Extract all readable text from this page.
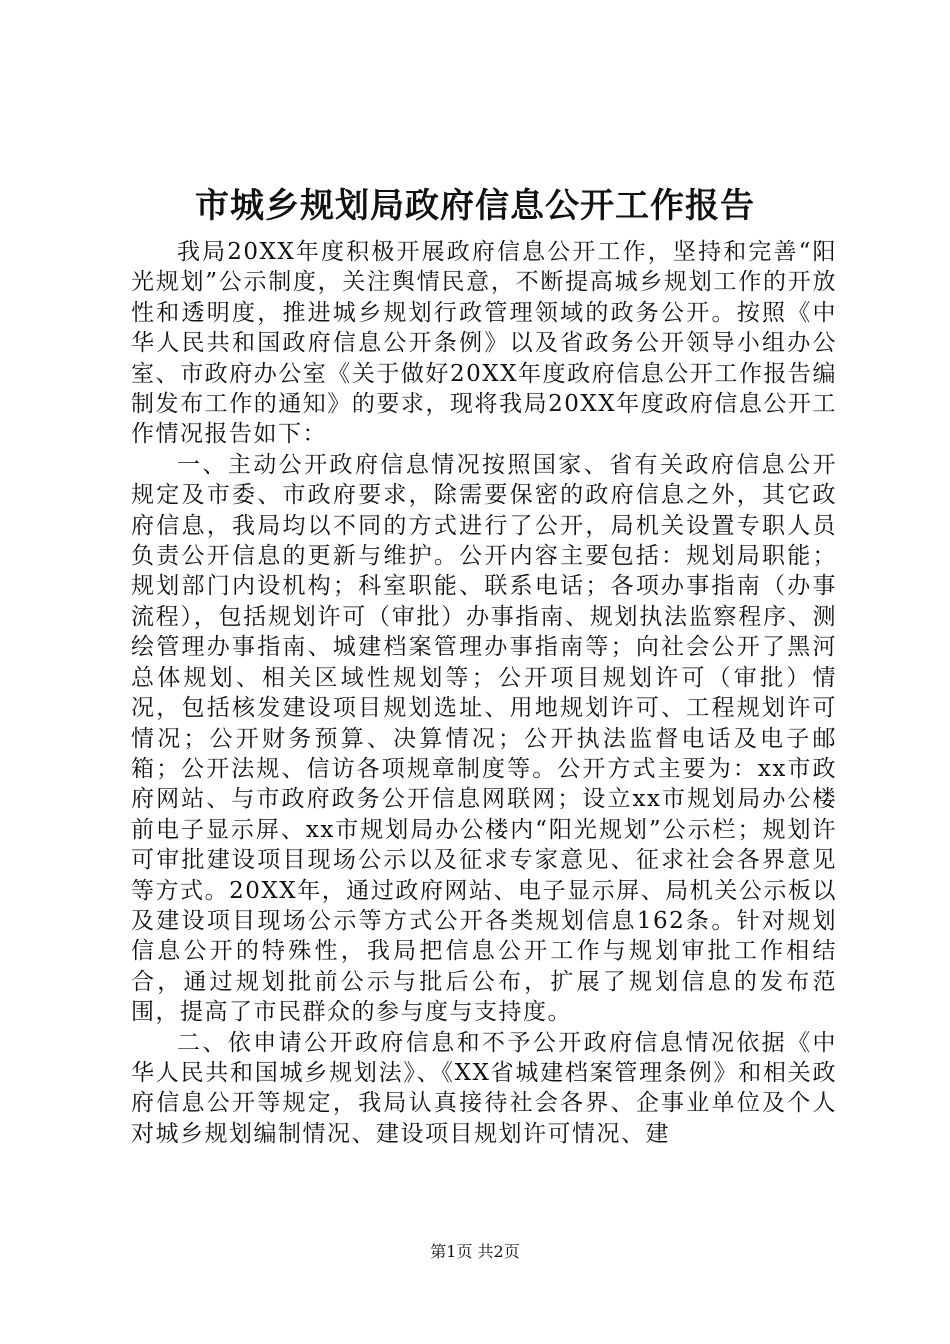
市城乡规划局政府信息公开工作报告

我局20XX年度积极开展政府信息公开工作，坚持和完善“阳光规划”公示制度，关注舆情民意，不断提高城乡规划工作的开放性和透明度，推进城乡规划行政管理领域的政务公开。按照《中华人民共和国政府信息公开条例》以及省政务公开领导小组办公室、市政府办公室《关于做好20XX年度政府信息公开工作报告编制发布工作的通知》的要求，现将我局20XX年度政府信息公开工作情况报告如下：

一、主动公开政府信息情况按照国家、省有关政府信息公开规定及市委、市政府要求，除需要保密的政府信息之外，其它政府信息，我局均以不同的方式进行了公开，局机关设置专职人员负责公开信息的更新与维护。公开内容主要包括：规划局职能；规划部门内设机构；科室职能、联系电话；各项办事指南（办事流程），包括规划许可（审批）办事指南、规划执法监察程序、测绘管理办事指南、城建档案管理办事指南等；向社会公开了黑河总体规划、相关区域性规划等；公开项目规划许可（审批）情况，包括核发建设项目规划选址、用地规划许可、工程规划许可情况；公开财务预算、决算情况；公开执法监督电话及电子邮箱；公开法规、信访各项规章制度等。公开方式主要为：xx市政府网站、与市政府政务公开信息网联网；设立xx市规划局办公楼前电子显示屏、xx市规划局办公楼内“阳光规划”公示栏；规划许可审批建设项目现场公示以及征求专家意见、征求社会各界意见等方式。20XX年，通过政府网站、电子显示屏、局机关公示板以及建设项目现场公示等方式公开各类规划信息162条。针对规划信息公开的特殊性，我局把信息公开工作与规划审批工作相结合，通过规划批前公示与批后公布，扩展了规划信息的发布范围，提高了市民群众的参与度与支持度。

二、依申请公开政府信息和不予公开政府信息情况依据《中华人民共和国城乡规划法》、《XX省城建档案管理条例》和相关政府信息公开等规定，我局认真接待社会各界、企事业单位及个人对城乡规划编制情况、建设项目规划许可情况、建

第1页 共2页
